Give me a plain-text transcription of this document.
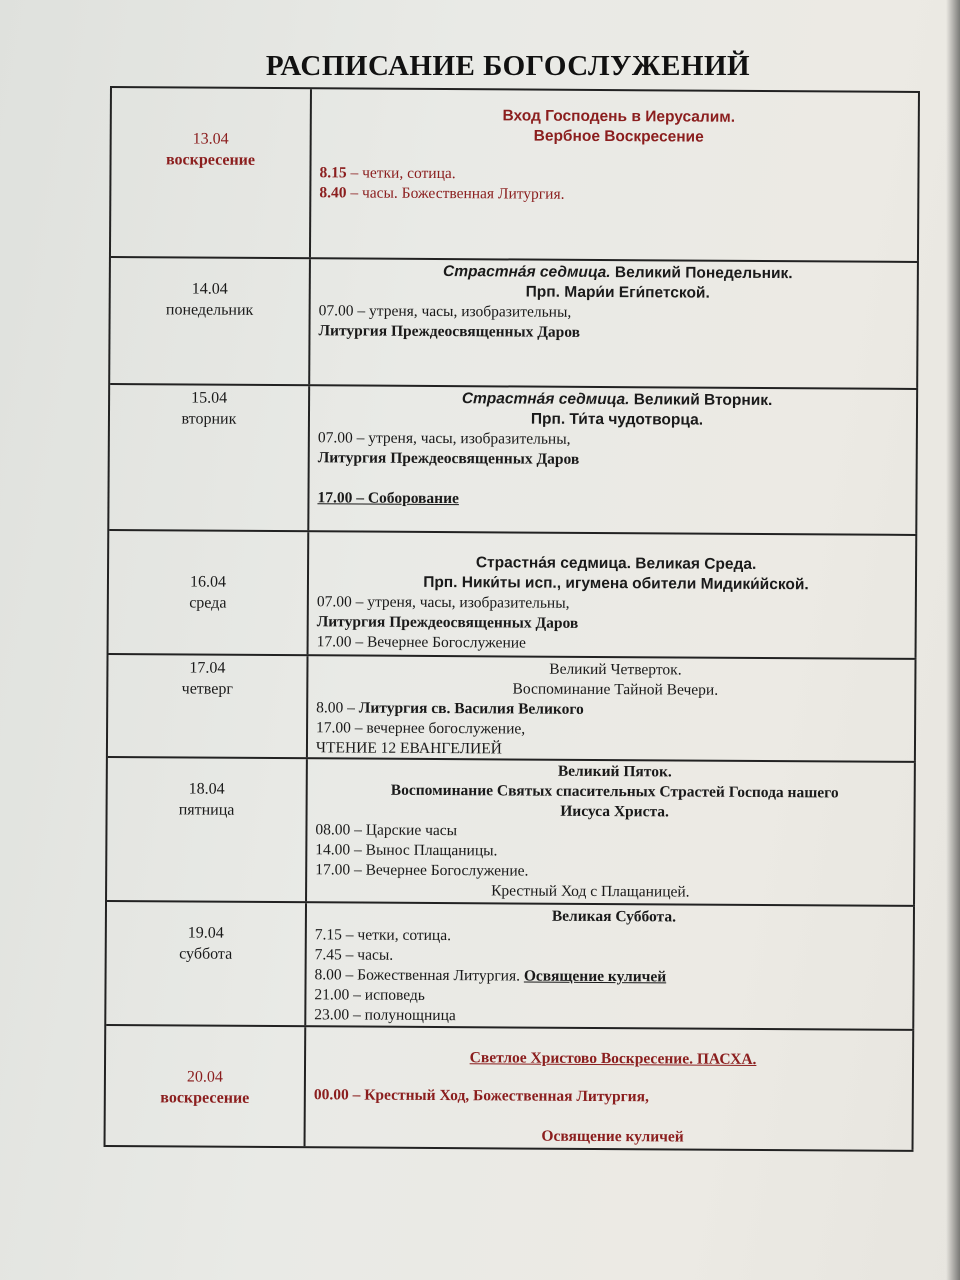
РАСПИСАНИЕ БОГОСЛУЖЕНИЙ
13.04
воскресение
Вход Господень в Иерусалим.
Вербное Воскресение
8.15 – четки, сотица.
8.40 – часы. Божественная Литургия.
14.04
понедельник
Страстна́я седмица. Великий Понедельник.
Прп. Мари́и Еги́петской.
07.00 – утреня, часы, изобразительны,
Литургия Преждеосвященных Даров
15.04
вторник
Страстна́я седмица. Великий Вторник.
Прп. Ти́та чудотворца.
07.00 – утреня, часы, изобразительны,
Литургия Преждеосвященных Даров
17.00 – Соборование
16.04
среда
Страстна́я седмица. Великая Среда.
Прп. Ники́ты исп., игумена обители Мидики́йской.
07.00 – утреня, часы, изобразительны,
Литургия Преждеосвященных Даров
17.00 – Вечернее Богослужение
17.04
четверг
Великий Четверток.
Воспоминание Тайной Вечери.
8.00 – Литургия св. Василия Великого
17.00 – вечернее богослужение,
ЧТЕНИЕ 12 ЕВАНГЕЛИЕЙ
18.04
пятница
Великий Пяток.
Воспоминание Святых спасительных Страстей Господа нашего
Иисуса Христа.
08.00 – Царские часы
14.00 – Вынос Плащаницы.
17.00 – Вечернее Богослужение.
Крестный Ход с Плащаницей.
19.04
суббота
Великая Суббота.
7.15 – четки, сотица.
7.45 – часы.
8.00 – Божественная Литургия. Освящение куличей
21.00 – исповедь
23.00 – полунощница
20.04
воскресение
Светлое Христово Воскресение. ПАСХА.
00.00 – Крестный Ход, Божественная Литургия,
Освящение куличей
